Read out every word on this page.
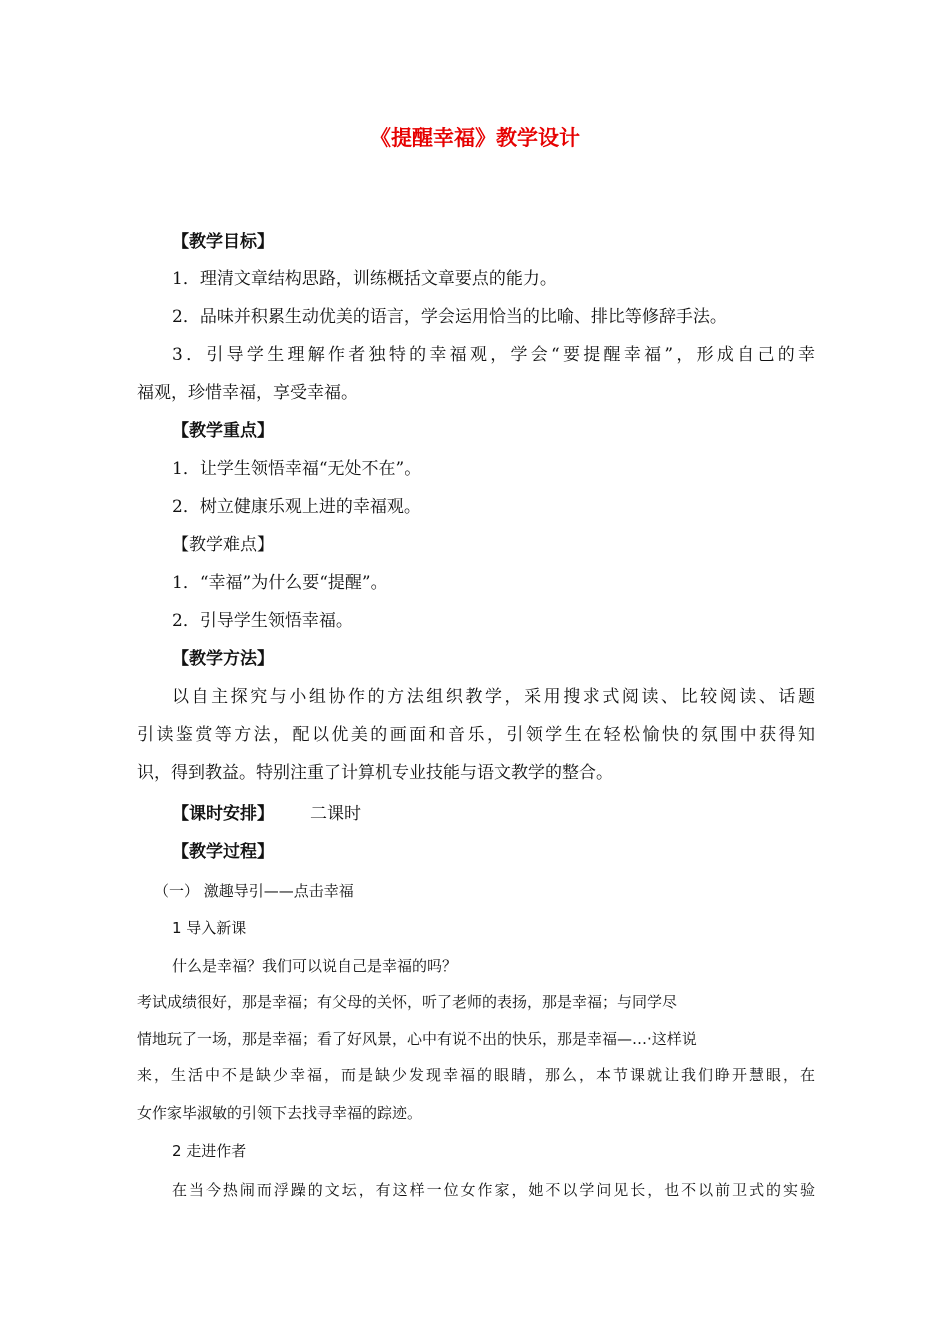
《提醒幸福》教学设计
【教学目标】
1．理清文章结构思路，训练概括文章要点的能力。
2．品味并积累生动优美的语言，学会运用恰当的比喻、排比等修辞手法。
3．引导学生理解作者独特的幸福观，学会“要提醒幸福”，形成自己的幸
福观，珍惜幸福，享受幸福。
【教学重点】
1．让学生领悟幸福“无处不在”。
2．树立健康乐观上进的幸福观。
【教学难点】
1．“幸福”为什么要“提醒”。
2．引导学生领悟幸福。
【教学方法】
以自主探究与小组协作的方法组织教学，采用搜求式阅读、比较阅读、话题
引读鉴赏等方法，配以优美的画面和音乐，引领学生在轻松愉快的氛围中获得知
识，得到教益。特别注重了计算机专业技能与语文教学的整合。
【课时安排】 二课时
【教学过程】
（一） 激趣导引——点击幸福
1 导入新课
什么是幸福？我们可以说自己是幸福的吗？
考试成绩很好，那是幸福；有父母的关怀，听了老师的表扬，那是幸福；与同学尽
情地玩了一场，那是幸福；看了好风景，心中有说不出的快乐，那是幸福—…·这样说
来，生活中不是缺少幸福，而是缺少发现幸福的眼睛，那么，本节课就让我们睁开慧眼，在
女作家毕淑敏的引领下去找寻幸福的踪迹。
2 走进作者
在当今热闹而浮躁的文坛，有这样一位女作家，她不以学问见长，也不以前卫式的实验
